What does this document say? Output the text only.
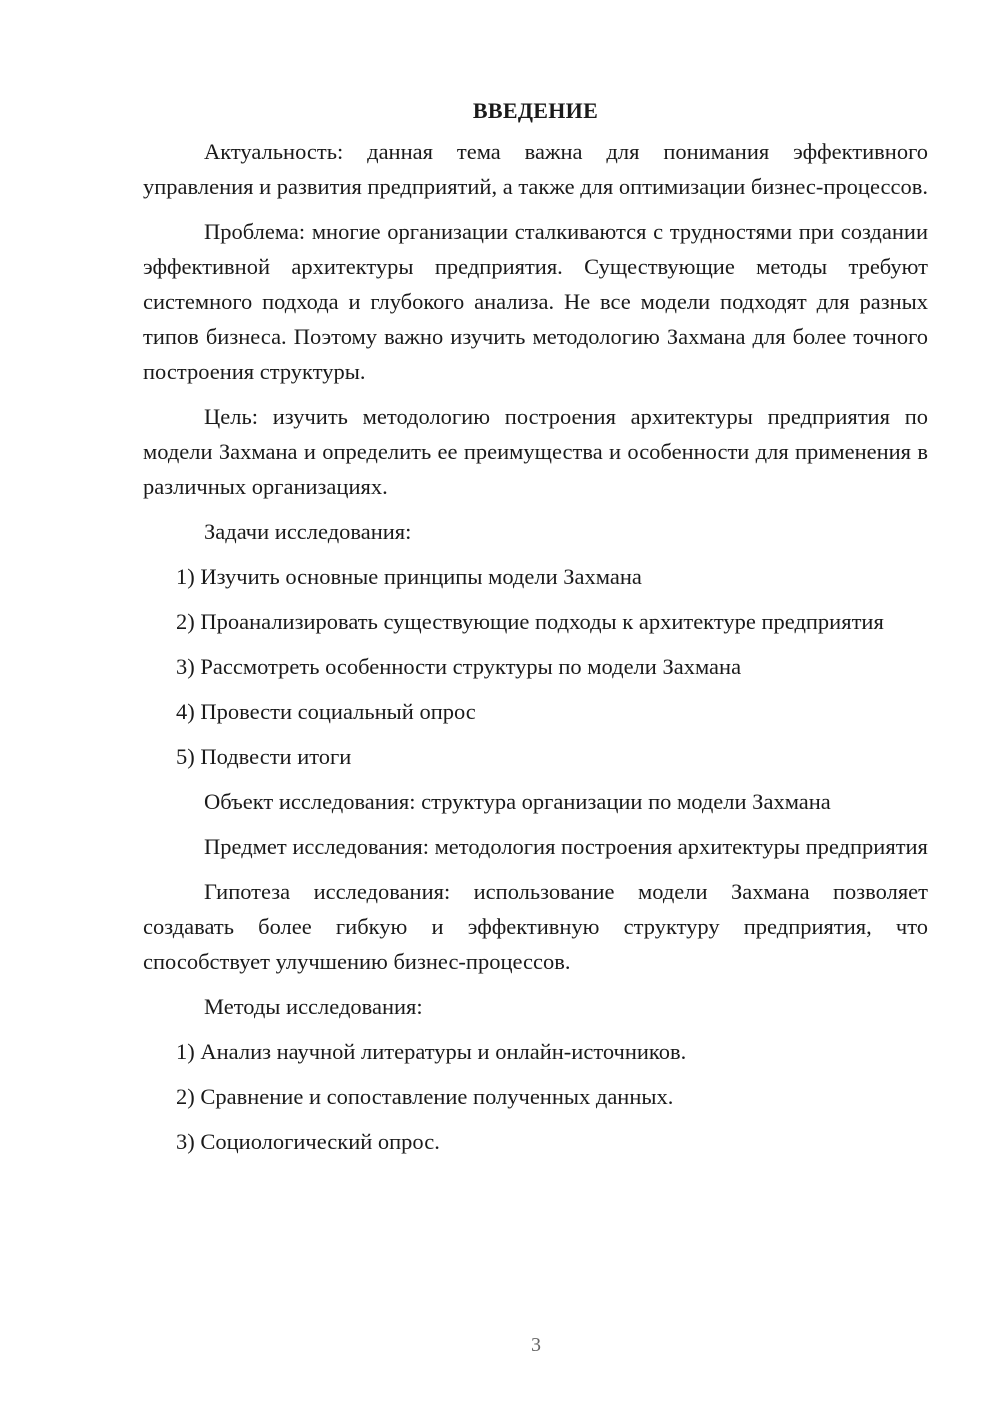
ВВЕДЕНИЕ

Актуальность: данная тема важна для понимания эффективного управления и развития предприятий, а также для оптимизации бизнес-процессов.

Проблема: многие организации сталкиваются с трудностями при создании эффективной архитектуры предприятия. Существующие методы требуют системного подхода и глубокого анализа. Не все модели подходят для разных типов бизнеса. Поэтому важно изучить методологию Захмана для более точного построения структуры.

Цель: изучить методологию построения архитектуры предприятия по модели Захмана и определить ее преимущества и особенности для применения в различных организациях.

Задачи исследования:

1) Изучить основные принципы модели Захмана

2) Проанализировать существующие подходы к архитектуре предприятия

3) Рассмотреть особенности структуры по модели Захмана

4) Провести социальный опрос

5) Подвести итоги

Объект исследования: структура организации по модели Захмана

Предмет исследования: методология построения архитектуры предприятия

Гипотеза исследования: использование модели Захмана позволяет создавать более гибкую и эффективную структуру предприятия, что способствует улучшению бизнес-процессов.

Методы исследования:

1) Анализ научной литературы и онлайн-источников.

2) Сравнение и сопоставление полученных данных.

3) Социологический опрос.

3
